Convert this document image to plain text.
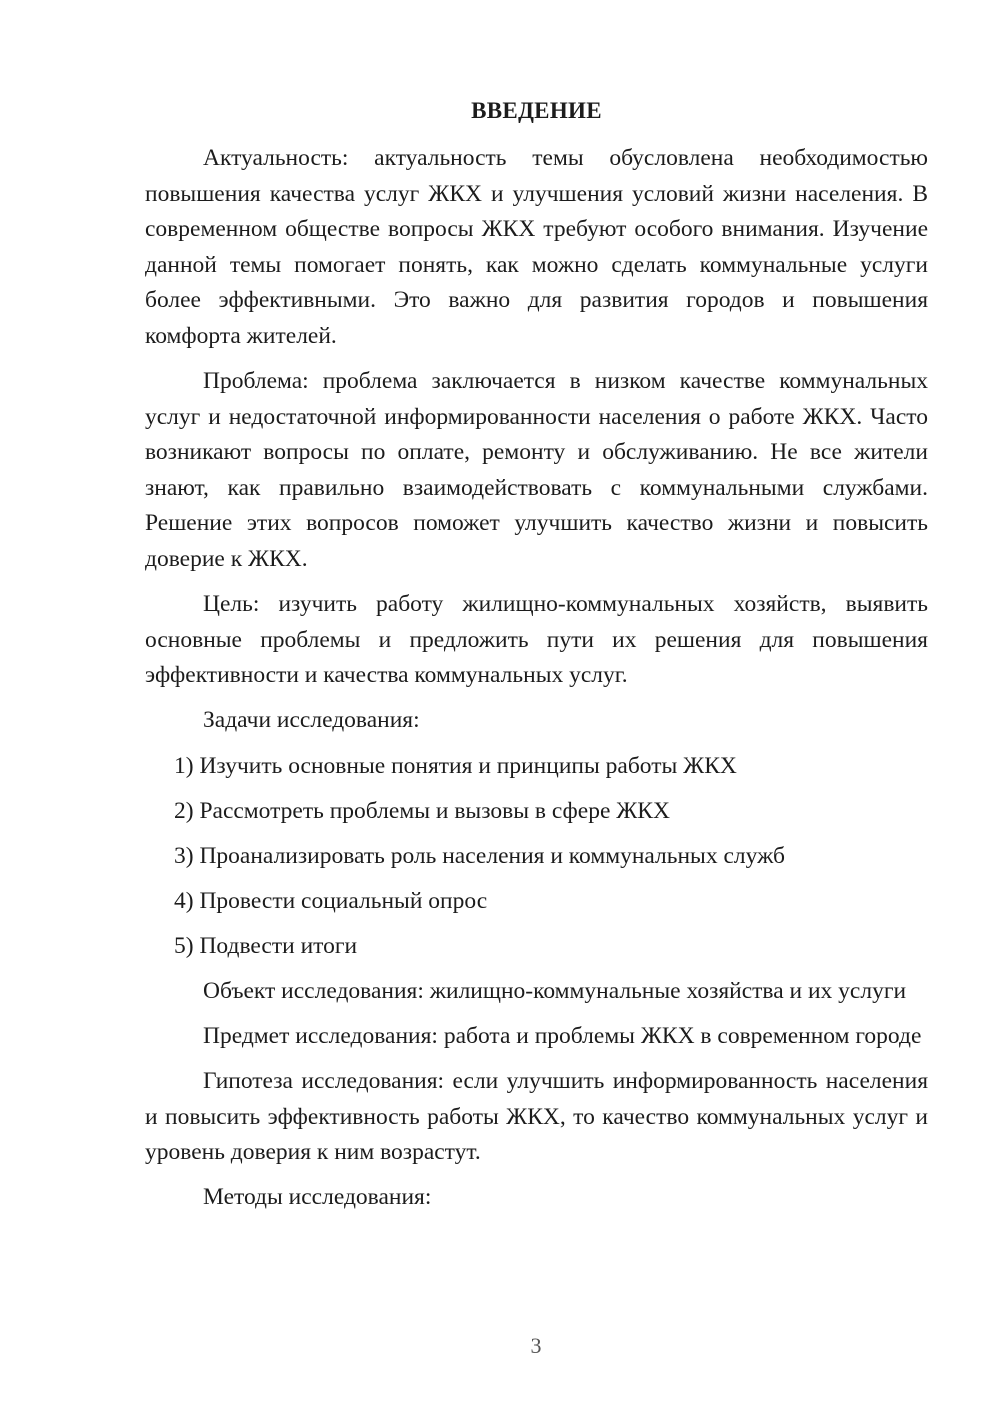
ВВЕДЕНИЕ

Актуальность: актуальность темы обусловлена необходимостью повышения качества услуг ЖКХ и улучшения условий жизни населения. В современном обществе вопросы ЖКХ требуют особого внимания. Изучение данной темы помогает понять, как можно сделать коммунальные услуги более эффективными. Это важно для развития городов и повышения комфорта жителей.

Проблема: проблема заключается в низком качестве коммунальных услуг и недостаточной информированности населения о работе ЖКХ. Часто возникают вопросы по оплате, ремонту и обслуживанию. Не все жители знают, как правильно взаимодействовать с коммунальными службами. Решение этих вопросов поможет улучшить качество жизни и повысить доверие к ЖКХ.

Цель: изучить работу жилищно-коммунальных хозяйств, выявить основные проблемы и предложить пути их решения для повышения эффективности и качества коммунальных услуг.

Задачи исследования:

1) Изучить основные понятия и принципы работы ЖКХ
2) Рассмотреть проблемы и вызовы в сфере ЖКХ
3) Проанализировать роль населения и коммунальных служб
4) Провести социальный опрос
5) Подвести итоги

Объект исследования: жилищно-коммунальные хозяйства и их услуги

Предмет исследования: работа и проблемы ЖКХ в современном городе

Гипотеза исследования: если улучшить информированность населения и повысить эффективность работы ЖКХ, то качество коммунальных услуг и уровень доверия к ним возрастут.

Методы исследования:

3
